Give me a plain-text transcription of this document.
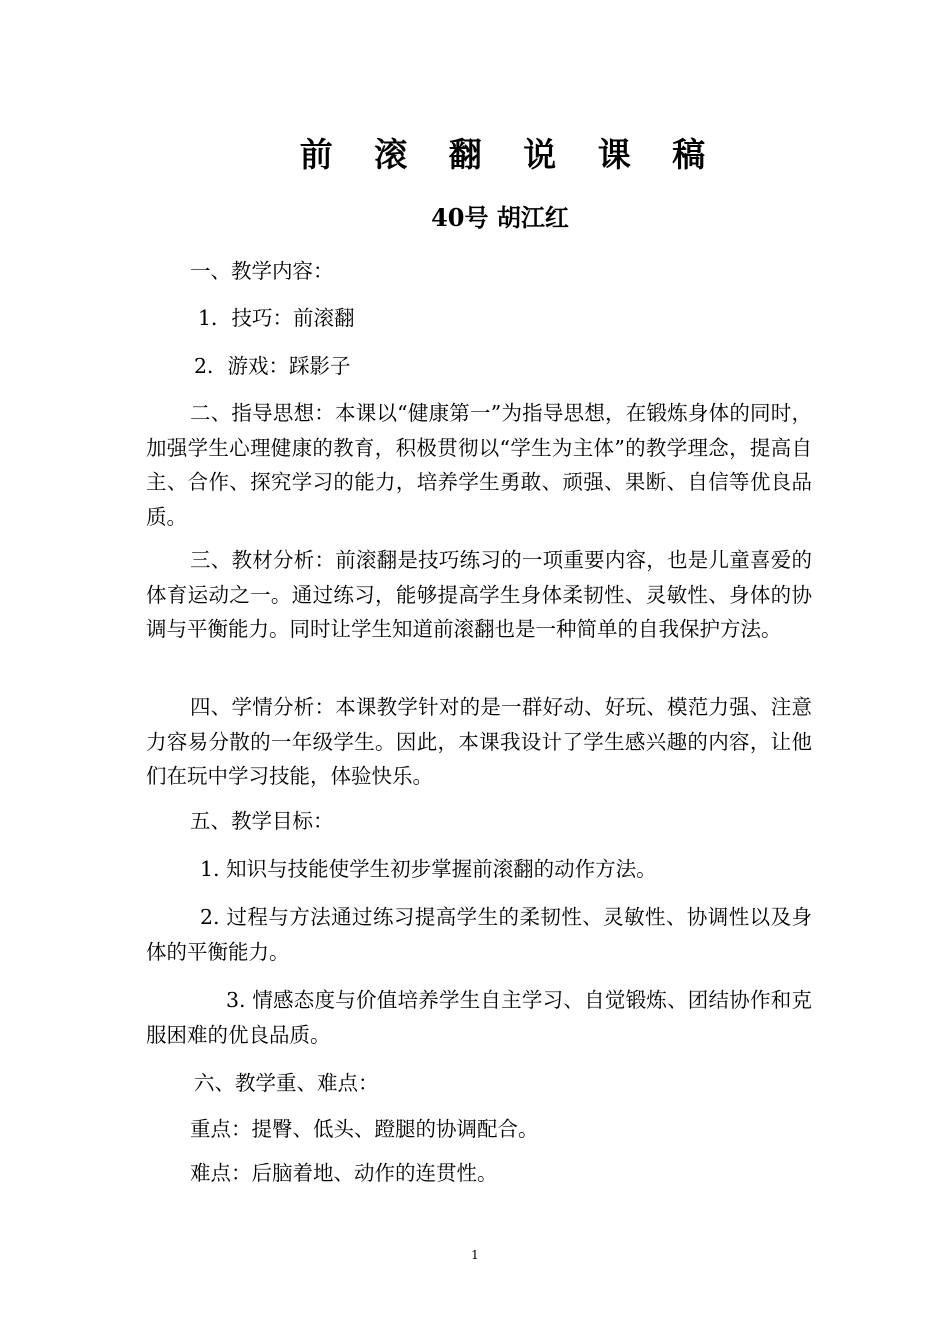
前 滚 翻 说 课 稿
40号 胡江红
一、教学内容：
1．技巧：前滚翻
2．游戏：踩影子
二、指导思想：本课以“健康第一”为指导思想，在锻炼身体的同时，加强学生心理健康的教育，积极贯彻以“学生为主体”的教学理念，提高自主、合作、探究学习的能力，培养学生勇敢、顽强、果断、自信等优良品质。
三、教材分析：前滚翻是技巧练习的一项重要内容，也是儿童喜爱的体育运动之一。通过练习，能够提高学生身体柔韧性、灵敏性、身体的协调与平衡能力。同时让学生知道前滚翻也是一种简单的自我保护方法。
四、学情分析：本课教学针对的是一群好动、好玩、模范力强、注意力容易分散的一年级学生。因此，本课我设计了学生感兴趣的内容，让他们在玩中学习技能，体验快乐。
五、教学目标：
1. 知识与技能使学生初步掌握前滚翻的动作方法。
2. 过程与方法通过练习提高学生的柔韧性、灵敏性、协调性以及身体的平衡能力。
3. 情感态度与价值培养学生自主学习、自觉锻炼、团结协作和克服困难的优良品质。
六、教学重、难点：
重点：提臀、低头、蹬腿的协调配合。
难点：后脑着地、动作的连贯性。
1
